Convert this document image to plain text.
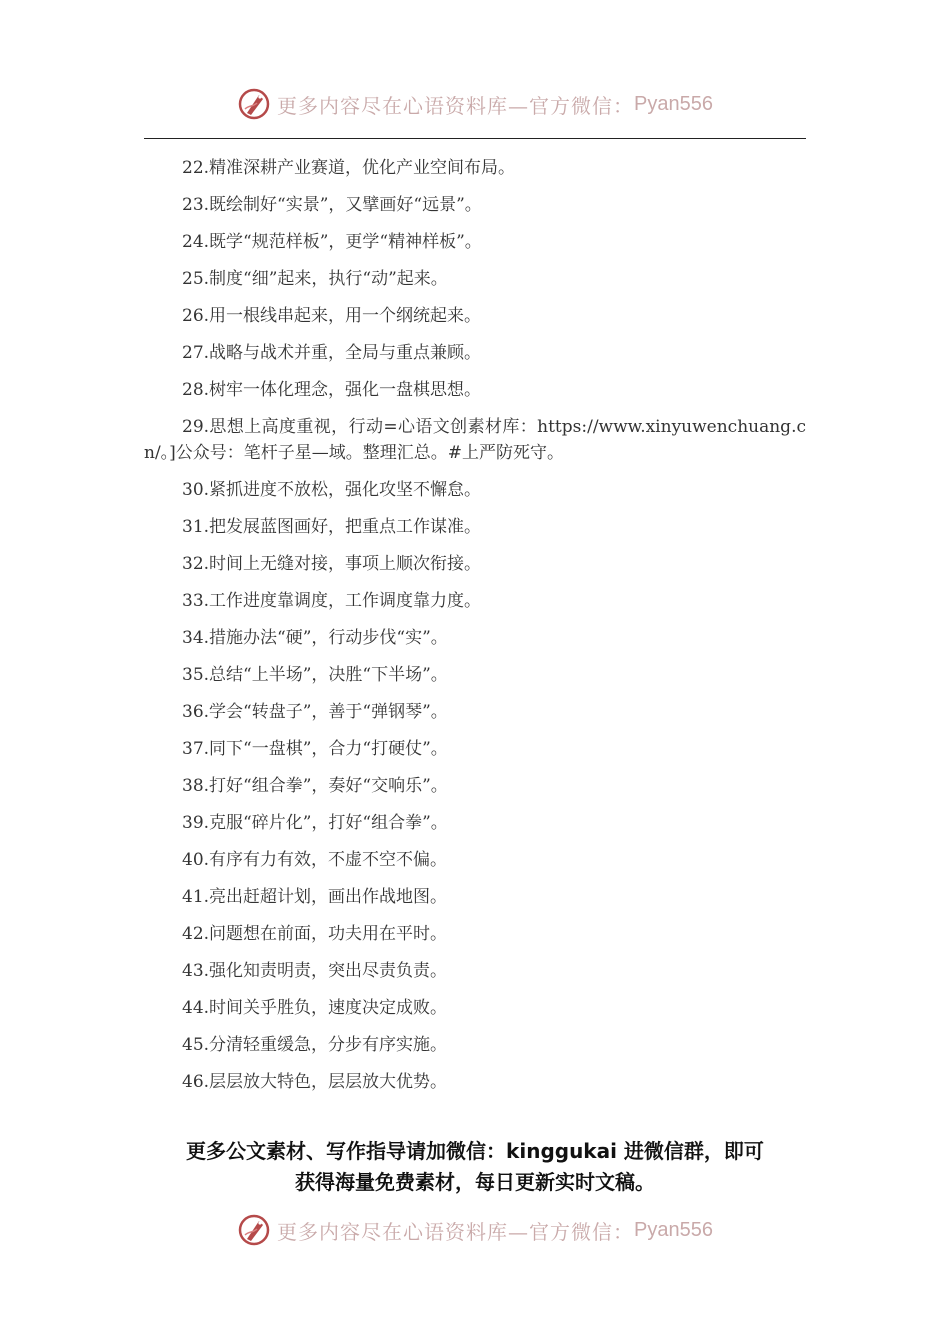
更多内容尽在心语资料库—官方微信： Pyan556
22.精准深耕产业赛道，优化产业空间布局。
23.既绘制好“实景”，又擘画好“远景”。
24.既学“规范样板”，更学“精神样板”。
25.制度“细”起来，执行“动”起来。
26.用一根线串起来，用一个纲统起来。
27.战略与战术并重，全局与重点兼顾。
28.树牢一体化理念，强化一盘棋思想。
29.思想上高度重视，行动=心语文创素材库：https://www.xinyuwenchuang.cn/。]公众号：笔杆子星—域。整理汇总。#上严防死守。
30.紧抓进度不放松，强化攻坚不懈怠。
31.把发展蓝图画好，把重点工作谋准。
32.时间上无缝对接，事项上顺次衔接。
33.工作进度靠调度，工作调度靠力度。
34.措施办法“硬”，行动步伐“实”。
35.总结“上半场”，决胜“下半场”。
36.学会“转盘子”，善于“弹钢琴”。
37.同下“一盘棋”，合力“打硬仗”。
38.打好“组合拳”，奏好“交响乐”。
39.克服“碎片化”，打好“组合拳”。
40.有序有力有效，不虚不空不偏。
41.亮出赶超计划，画出作战地图。
42.问题想在前面，功夫用在平时。
43.强化知责明责，突出尽责负责。
44.时间关乎胜负，速度决定成败。
45.分清轻重缓急，分步有序实施。
46.层层放大特色，层层放大优势。
更多公文素材、写作指导请加微信：kinggukai 进微信群，即可
获得海量免费素材，每日更新实时文稿。
更多内容尽在心语资料库—官方微信： Pyan556
